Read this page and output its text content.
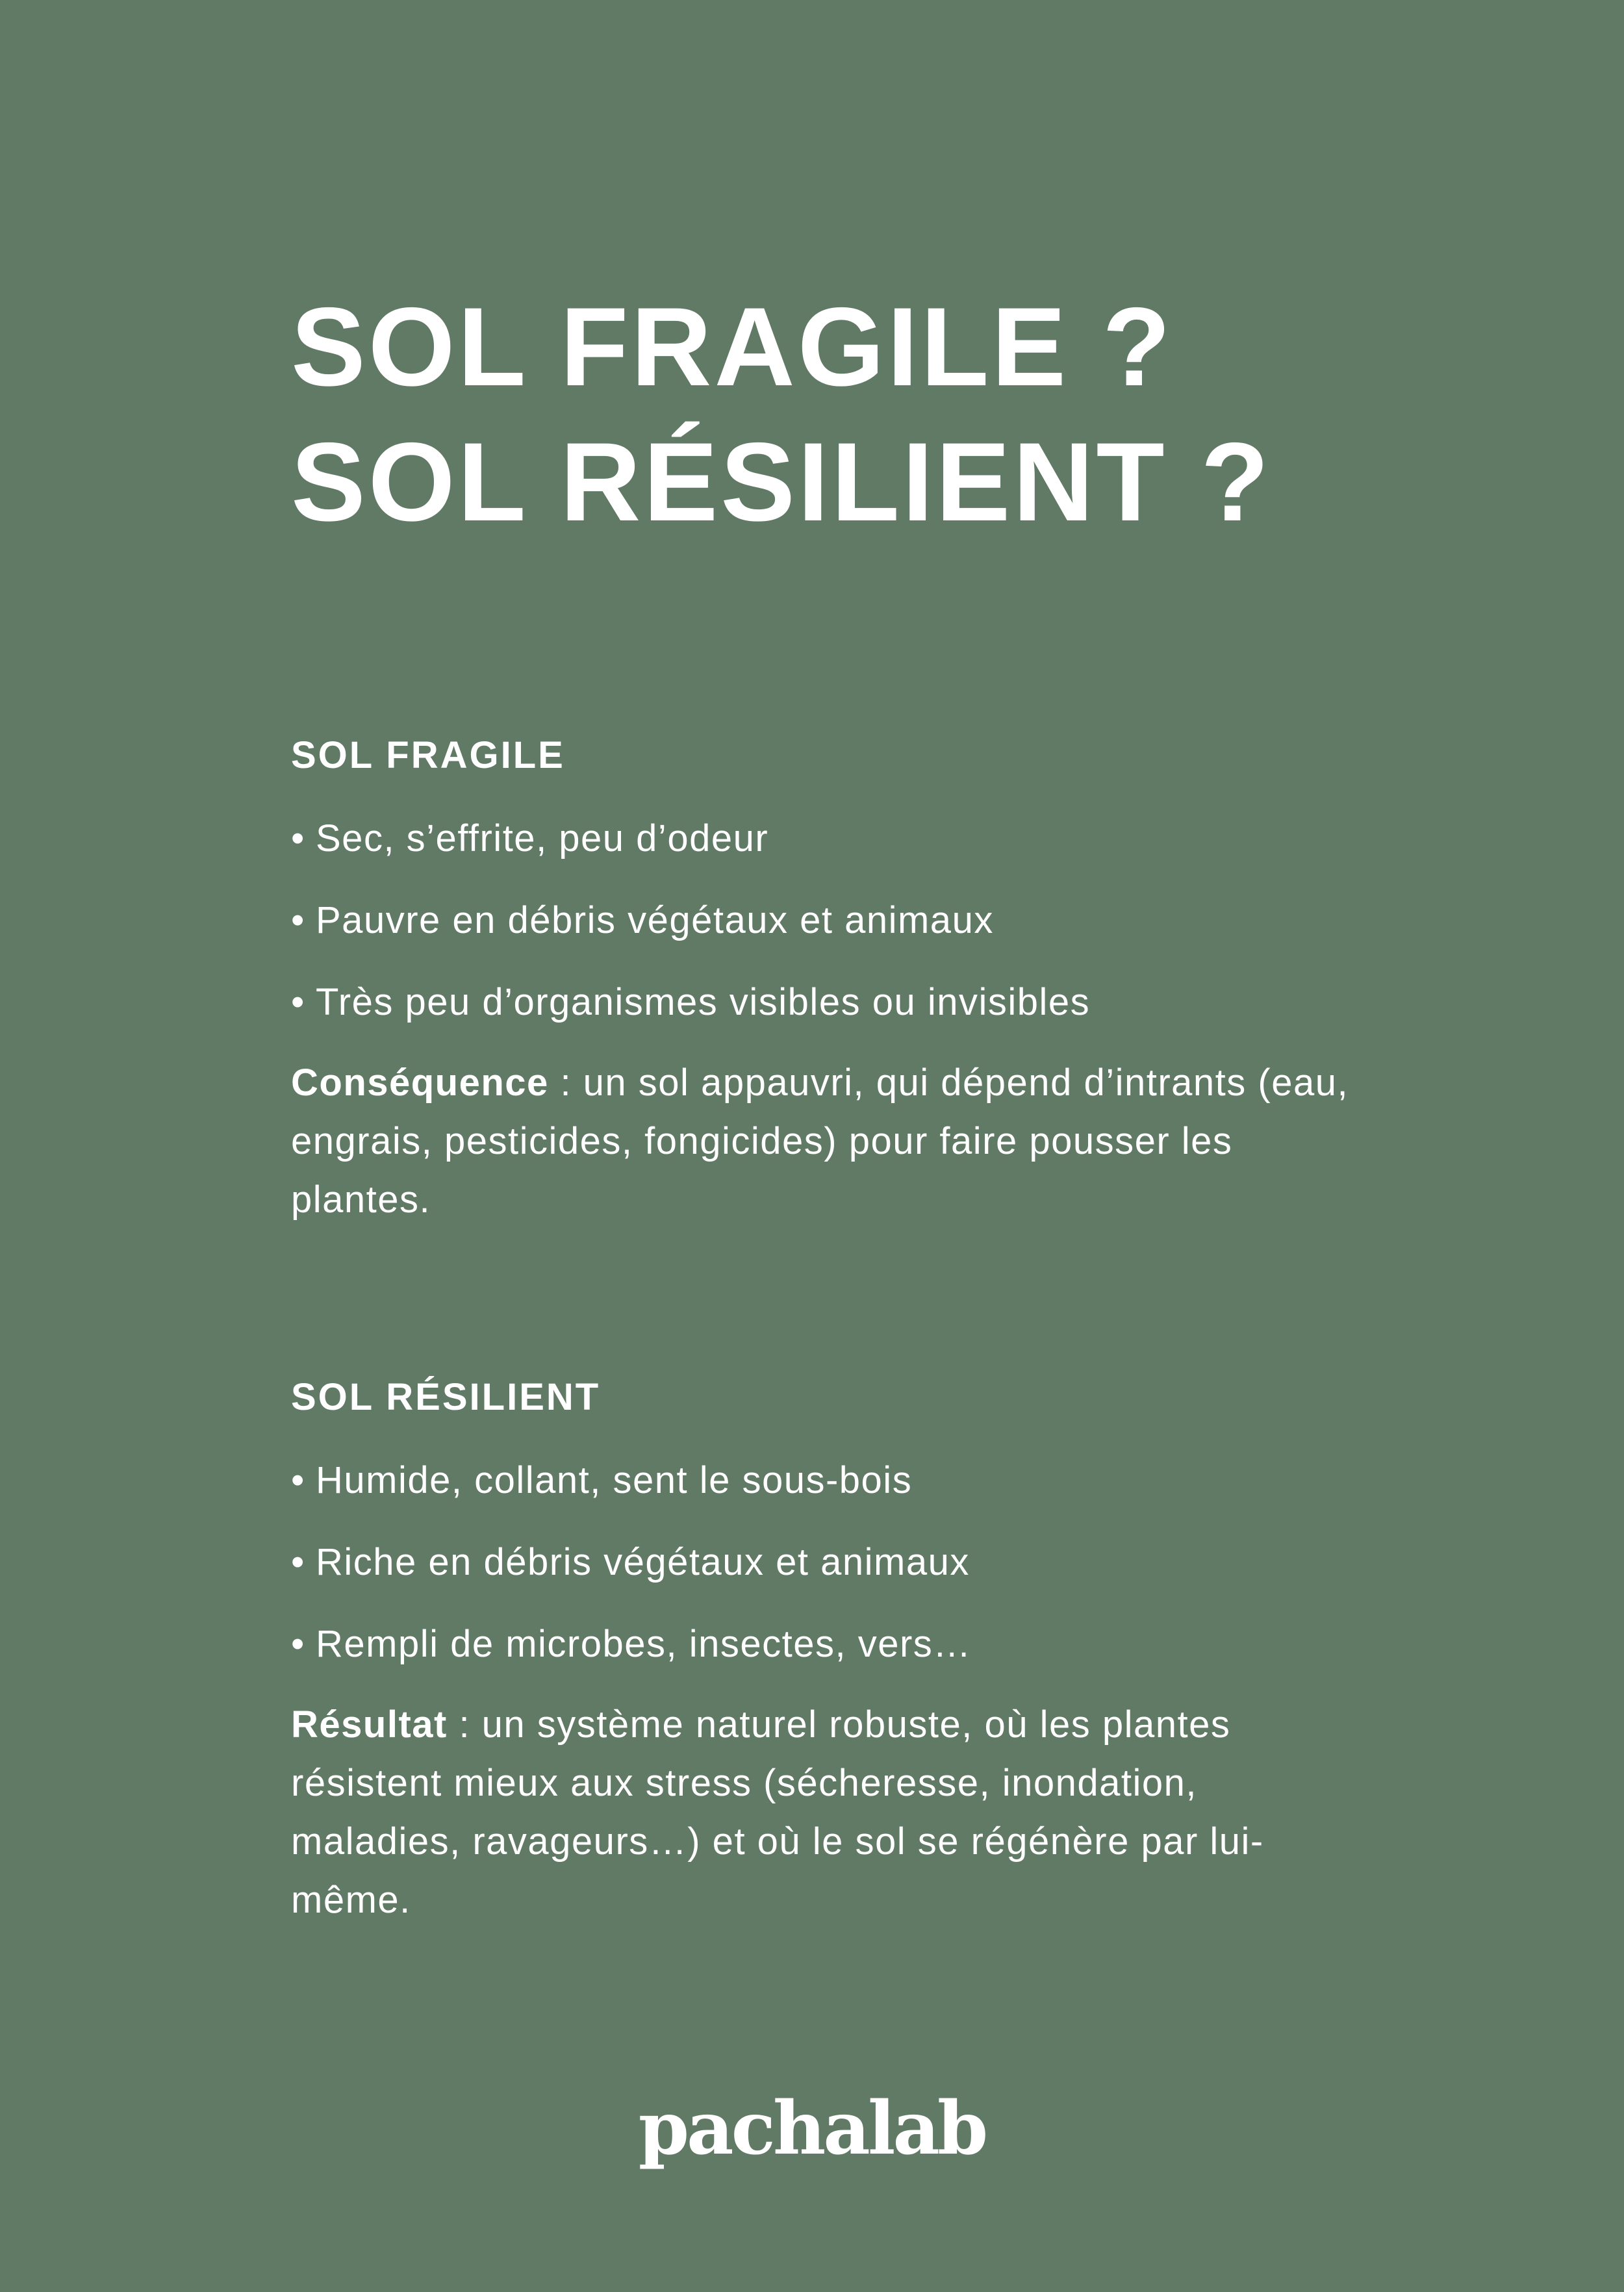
SOL FRAGILE ?
SOL RÉSILIENT ?
SOL FRAGILE
• Sec, s’effrite, peu d’odeur
• Pauvre en débris végétaux et animaux
• Très peu d’organismes visibles ou invisibles

Conséquence : un sol appauvri, qui dépend d’intrants (eau, engrais, pesticides, fongicides) pour faire pousser les plantes.

SOL RÉSILIENT
• Humide, collant, sent le sous-bois
• Riche en débris végétaux et animaux
• Rempli de microbes, insectes, vers…

Résultat : un système naturel robuste, où les plantes résistent mieux aux stress (sécheresse, inondation, maladies, ravageurs…) et où le sol se régénère par lui-même.

pachalab
